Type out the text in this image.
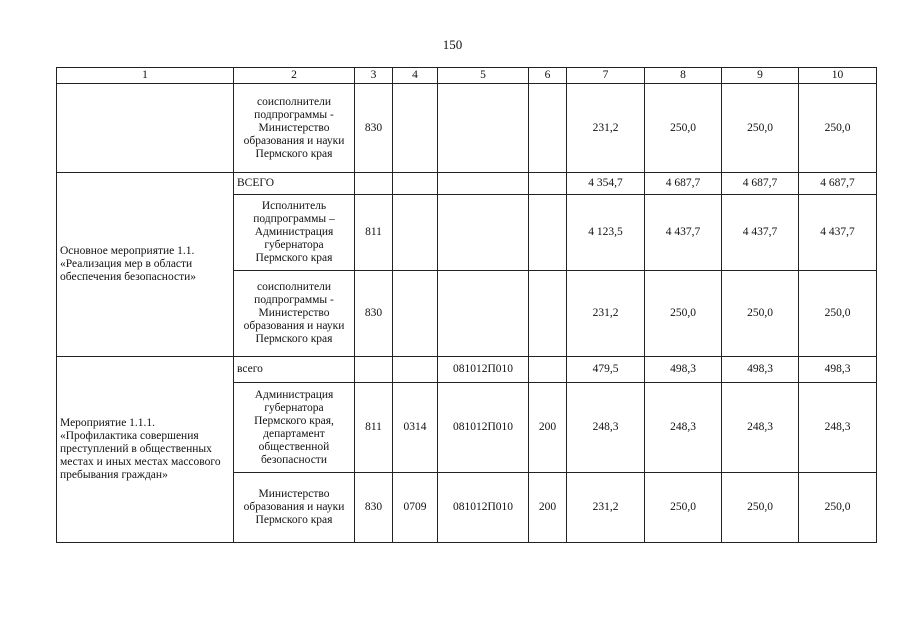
150
1	2	3	4	5	6	7	8	9	10
	соисполнители подпрограммы - Министерство образования и науки Пермского края	830				231,2	250,0	250,0	250,0
Основное мероприятие 1.1. «Реализация мер в области обеспечения безопасности»	ВСЕГО					4 354,7	4 687,7	4 687,7	4 687,7
	Исполнитель подпрограммы – Администрация губернатора Пермского края	811				4 123,5	4 437,7	4 437,7	4 437,7
	соисполнители подпрограммы - Министерство образования и науки Пермского края	830				231,2	250,0	250,0	250,0
Мероприятие 1.1.1. «Профилактика совершения преступлений в общественных местах и иных местах массового пребывания граждан»	всего			081012П010		479,5	498,3	498,3	498,3
	Администрация губернатора Пермского края, департамент общественной безопасности	811	0314	081012П010	200	248,3	248,3	248,3	248,3
	Министерство образования и науки Пермского края	830	0709	081012П010	200	231,2	250,0	250,0	250,0
